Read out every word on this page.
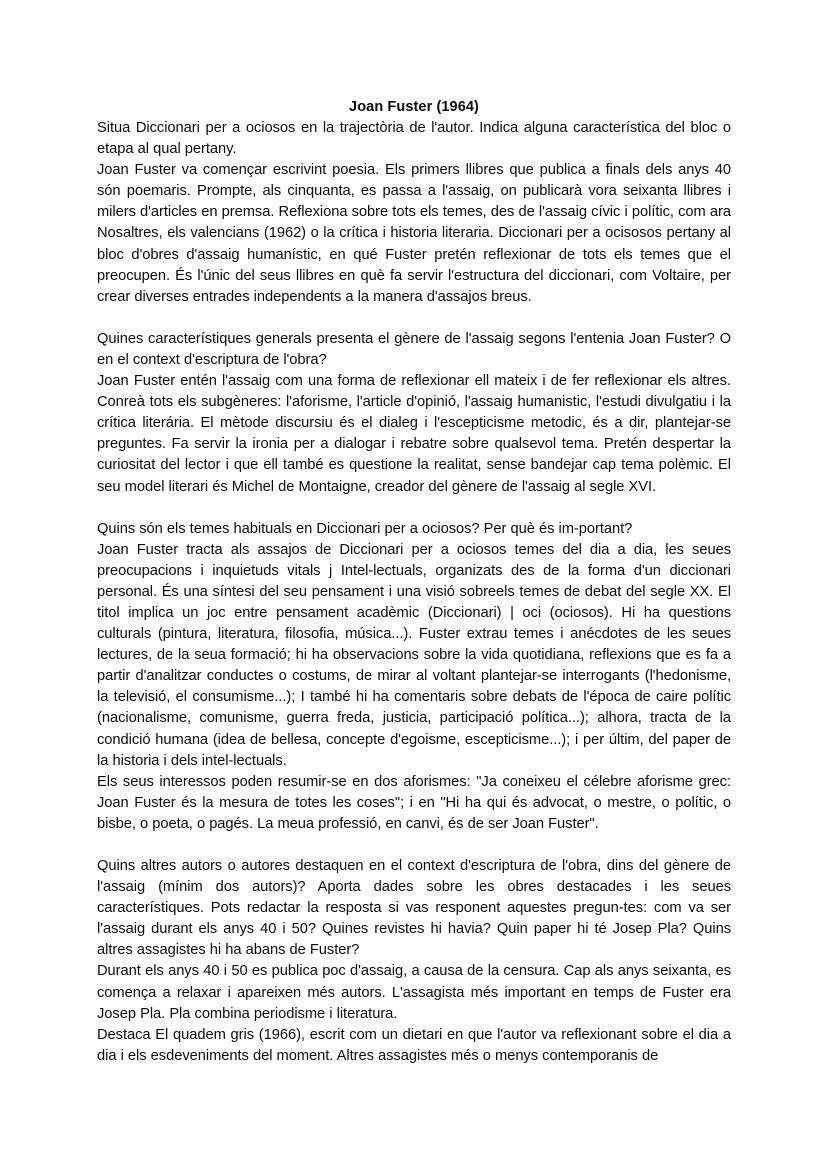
Joan Fuster (1964)

Situa Diccionari per a ociosos en la trajectòria de l'autor. Indica alguna característica del bloc o etapa al qual pertany.

Joan Fuster va començar escrivint poesia. Els primers llibres que publica a finals dels anys 40 són poemaris. Prompte, als cinquanta, es passa a l'assaig, on publicarà vora seixanta llibres i milers d'articles en premsa. Reflexiona sobre tots els temes, des de l'assaig cívic i polític, com ara Nosaltres, els valencians (1962) o la crítica i historia literaria. Diccionari per a ocisosos pertany al bloc d'obres d'assaig humanístic, en qué Fuster pretén reflexionar de tots els temes que el preocupen. És l'únic del seus llibres en què fa servir l'estructura del diccionari, com Voltaire, per crear diverses entrades independents a la manera d'assajos breus.

Quines característiques generals presenta el gènere de l'assaig segons l'entenia Joan Fuster? O en el context d'escriptura de l'obra?

Joan Fuster entén l'assaig com una forma de reflexionar ell mateix i de fer reflexionar els altres. Conreà tots els subgèneres: l'aforisme, l'article d'opinió, l'assaig humanistic, l'estudi divulgatiu i la crítica literária. El mètode discursiu és el dialeg i l'escepticisme metodic, és a dir, plantejar-se preguntes. Fa servir la ironia per a dialogar i rebatre sobre qualsevol tema. Pretén despertar la curiositat del lector i que ell també es questione la realitat, sense bandejar cap tema polèmic. El seu model literari és Michel de Montaigne, creador del gènere de l'assaig al segle XVI.

Quins són els temes habituals en Diccionari per a ociosos? Per què és im-portant?

Joan Fuster tracta als assajos de Diccionari per a ociosos temes del dia a dia, les seues preocupacions i inquietuds vitals j Intel-lectuals, organizats des de la forma d'un diccionari personal. És una síntesi del seu pensament i una visió sobreels temes de debat del segle XX. El titol implica un joc entre pensament acadèmic (Diccionari) | oci (ociosos). Hi ha questions culturals (pintura, literatura, filosofia, música...). Fuster extrau temes i anécdotes de les seues lectures, de la seua formació; hi ha observacions sobre la vida quotidiana, reflexions que es fa a partir d'analitzar conductes o costums, de mirar al voltant plantejar-se interrogants (l'hedonisme, la televisió, el consumisme...); I també hi ha comentaris sobre debats de l'época de caire polític (nacionalisme, comunisme, guerra freda, justicia, participació política...); alhora, tracta de la condició humana (idea de bellesa, concepte d'egoisme, escepticisme...); i per últim, del paper de la historia i dels intel-lectuals.

Els seus interessos poden resumir-se en dos aforismes: "Ja coneixeu el célebre aforisme grec: Joan Fuster és la mesura de totes les coses"; i en "Hi ha qui és advocat, o mestre, o polític, o bisbe, o poeta, o pagés. La meua professió, en canvi, és de ser Joan Fuster".

Quins altres autors o autores destaquen en el context d'escriptura de l'obra, dins del gènere de l'assaig (mínim dos autors)? Aporta dades sobre les obres destacades i les seues característiques. Pots redactar la resposta si vas responent aquestes pregun-tes: com va ser l'assaig durant els anys 40 i 50? Quines revistes hi havia? Quin paper hi té Josep Pla? Quins altres assagistes hi ha abans de Fuster?

Durant els anys 40 i 50 es publica poc d'assaig, a causa de la censura. Cap als anys seixanta, es comença a relaxar i apareixen més autors. L'assagista més important en temps de Fuster era Josep Pla. Pla combina periodisme i literatura.

Destaca El quadem gris (1966), escrit com un dietari en que l'autor va reflexionant sobre el dia a dia i els esdeveniments del moment. Altres assagistes més o menys contemporanis de
